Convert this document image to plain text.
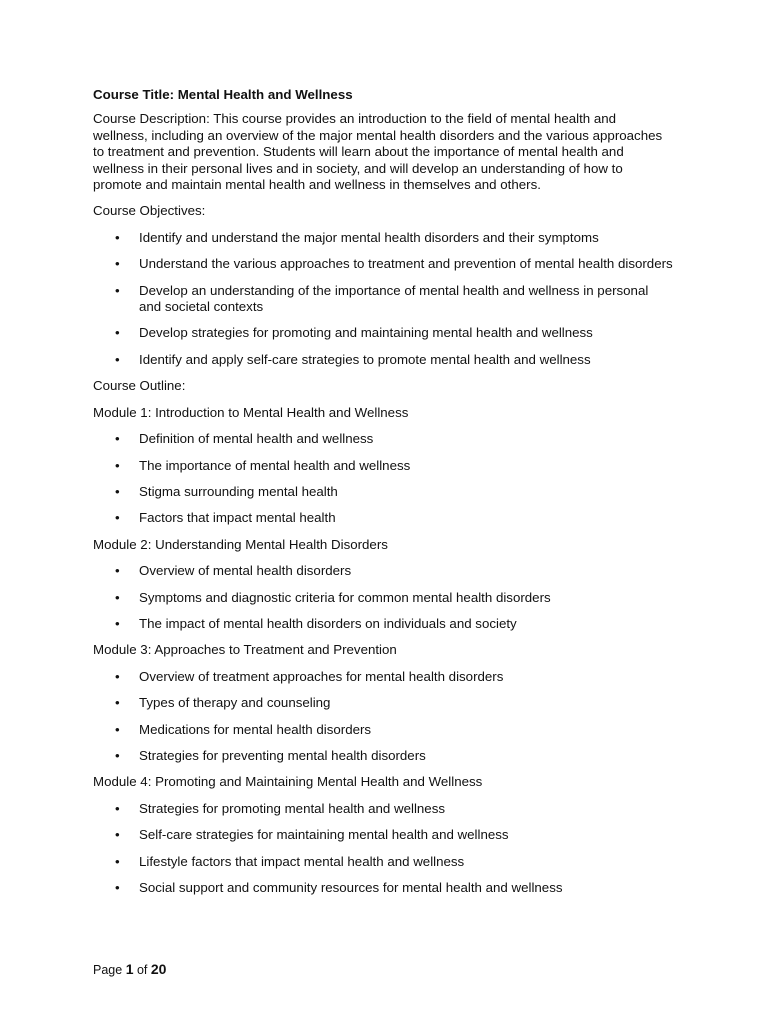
Course Title: Mental Health and Wellness

Course Description: This course provides an introduction to the field of mental health and wellness, including an overview of the major mental health disorders and the various approaches to treatment and prevention. Students will learn about the importance of mental health and wellness in their personal lives and in society, and will develop an understanding of how to promote and maintain mental health and wellness in themselves and others.

Course Objectives:

• Identify and understand the major mental health disorders and their symptoms
• Understand the various approaches to treatment and prevention of mental health disorders
• Develop an understanding of the importance of mental health and wellness in personal and societal contexts
• Develop strategies for promoting and maintaining mental health and wellness
• Identify and apply self-care strategies to promote mental health and wellness

Course Outline:

Module 1: Introduction to Mental Health and Wellness

• Definition of mental health and wellness
• The importance of mental health and wellness
• Stigma surrounding mental health
• Factors that impact mental health

Module 2: Understanding Mental Health Disorders

• Overview of mental health disorders
• Symptoms and diagnostic criteria for common mental health disorders
• The impact of mental health disorders on individuals and society

Module 3: Approaches to Treatment and Prevention

• Overview of treatment approaches for mental health disorders
• Types of therapy and counseling
• Medications for mental health disorders
• Strategies for preventing mental health disorders

Module 4: Promoting and Maintaining Mental Health and Wellness

• Strategies for promoting mental health and wellness
• Self-care strategies for maintaining mental health and wellness
• Lifestyle factors that impact mental health and wellness
• Social support and community resources for mental health and wellness
Page 1 of 20
